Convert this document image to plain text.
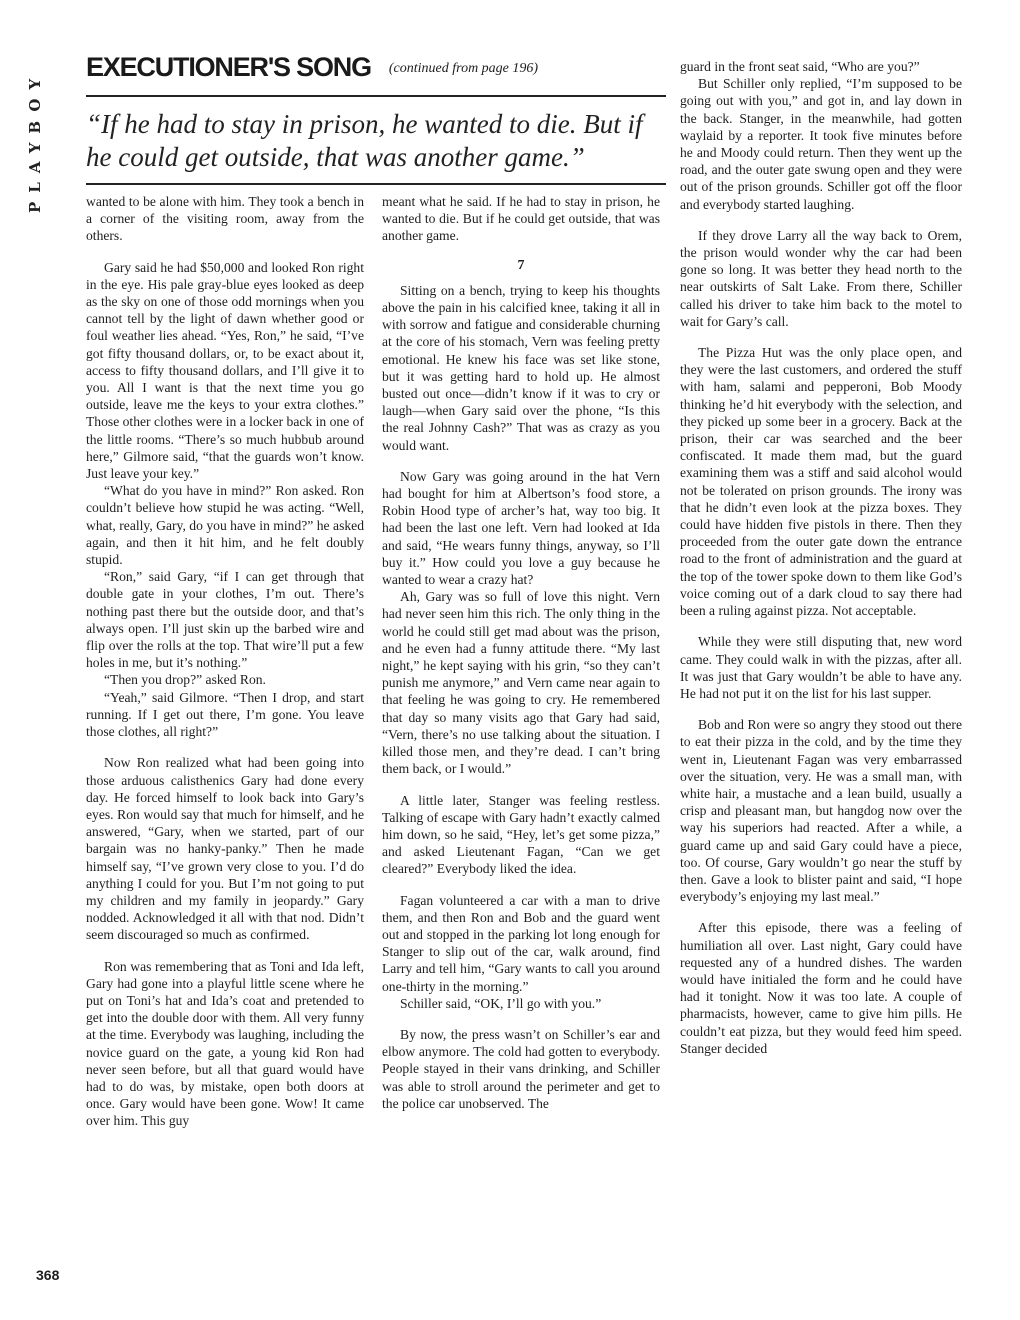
PLAYBOY
EXECUTIONER'S SONG (continued from page 196)
“If he had to stay in prison, he wanted to die. But if he could get outside, that was another game.”

wanted to be alone with him. They took a bench in a corner of the visiting room, away from the others.

Gary said he had $50,000 and looked Ron right in the eye. His pale gray-blue eyes looked as deep as the sky on one of those odd mornings when you cannot tell by the light of dawn whether good or foul weather lies ahead. “Yes, Ron,” he said, “I’ve got fifty thousand dollars, or, to be exact about it, access to fifty thousand dollars, and I’ll give it to you. All I want is that the next time you go outside, leave me the keys to your extra clothes.” Those other clothes were in a locker back in one of the little rooms. “There’s so much hubbub around here,” Gilmore said, “that the guards won’t know. Just leave your key.”

“What do you have in mind?” Ron asked. Ron couldn’t believe how stupid he was acting. “Well, what, really, Gary, do you have in mind?” he asked again, and then it hit him, and he felt doubly stupid.

“Ron,” said Gary, “if I can get through that double gate in your clothes, I’m out. There’s nothing past there but the outside door, and that’s always open. I’ll just skin up the barbed wire and flip over the rolls at the top. That wire’ll put a few holes in me, but it’s nothing.”

“Then you drop?” asked Ron.

“Yeah,” said Gilmore. “Then I drop, and start running. If I get out there, I’m gone. You leave those clothes, all right?”

Now Ron realized what had been going into those arduous calisthenics Gary had done every day. He forced himself to look back into Gary’s eyes. Ron would say that much for himself, and he answered, “Gary, when we started, part of our bargain was no hanky-panky.” Then he made himself say, “I’ve grown very close to you. I’d do anything I could for you. But I’m not going to put my children and my family in jeopardy.” Gary nodded. Acknowledged it all with that nod. Didn’t seem discouraged so much as confirmed.

Ron was remembering that as Toni and Ida left, Gary had gone into a playful little scene where he put on Toni’s hat and Ida’s coat and pretended to get into the double door with them. All very funny at the time. Everybody was laughing, including the novice guard on the gate, a young kid Ron had never seen before, but all that guard would have had to do was, by mistake, open both doors at once. Gary would have been gone. Wow! It came over him. This guy

meant what he said. If he had to stay in prison, he wanted to die. But if he could get outside, that was another game.

7

Sitting on a bench, trying to keep his thoughts above the pain in his calcified knee, taking it all in with sorrow and fatigue and considerable churning at the core of his stomach, Vern was feeling pretty emotional. He knew his face was set like stone, but it was getting hard to hold up. He almost busted out once—didn’t know if it was to cry or laugh—when Gary said over the phone, “Is this the real Johnny Cash?” That was as crazy as you would want.

Now Gary was going around in the hat Vern had bought for him at Albertson’s food store, a Robin Hood type of archer’s hat, way too big. It had been the last one left. Vern had looked at Ida and said, “He wears funny things, anyway, so I’ll buy it.” How could you love a guy because he wanted to wear a crazy hat?

Ah, Gary was so full of love this night. Vern had never seen him this rich. The only thing in the world he could still get mad about was the prison, and he even had a funny attitude there. “My last night,” he kept saying with his grin, “so they can’t punish me anymore,” and Vern came near again to that feeling he was going to cry. He remembered that day so many visits ago that Gary had said, “Vern, there’s no use talking about the situation. I killed those men, and they’re dead. I can’t bring them back, or I would.”

A little later, Stanger was feeling restless. Talking of escape with Gary hadn’t exactly calmed him down, so he said, “Hey, let’s get some pizza,” and asked Lieutenant Fagan, “Can we get cleared?” Everybody liked the idea.

Fagan volunteered a car with a man to drive them, and then Ron and Bob and the guard went out and stopped in the parking lot long enough for Stanger to slip out of the car, walk around, find Larry and tell him, “Gary wants to call you around one-thirty in the morning.”

Schiller said, “OK, I’ll go with you.”

By now, the press wasn’t on Schiller’s ear and elbow anymore. The cold had gotten to everybody. People stayed in their vans drinking, and Schiller was able to stroll around the perimeter and get to the police car unobserved. The

guard in the front seat said, “Who are you?”

But Schiller only replied, “I’m supposed to be going out with you,” and got in, and lay down in the back. Stanger, in the meanwhile, had gotten waylaid by a reporter. It took five minutes before he and Moody could return. Then they went up the road, and the outer gate swung open and they were out of the prison grounds. Schiller got off the floor and everybody started laughing.

If they drove Larry all the way back to Orem, the prison would wonder why the car had been gone so long. It was better they head north to the near outskirts of Salt Lake. From there, Schiller called his driver to take him back to the motel to wait for Gary’s call.

The Pizza Hut was the only place open, and they were the last customers, and ordered the stuff with ham, salami and pepperoni, Bob Moody thinking he’d hit everybody with the selection, and they picked up some beer in a grocery. Back at the prison, their car was searched and the beer confiscated. It made them mad, but the guard examining them was a stiff and said alcohol would not be tolerated on prison grounds. The irony was that he didn’t even look at the pizza boxes. They could have hidden five pistols in there. Then they proceeded from the outer gate down the entrance road to the front of administration and the guard at the top of the tower spoke down to them like God’s voice coming out of a dark cloud to say there had been a ruling against pizza. Not acceptable.

While they were still disputing that, new word came. They could walk in with the pizzas, after all. It was just that Gary wouldn’t be able to have any. He had not put it on the list for his last supper.

Bob and Ron were so angry they stood out there to eat their pizza in the cold, and by the time they went in, Lieutenant Fagan was very embarrassed over the situation, very. He was a small man, with white hair, a mustache and a lean build, usually a crisp and pleasant man, but hangdog now over the way his superiors had reacted. After a while, a guard came up and said Gary could have a piece, too. Of course, Gary wouldn’t go near the stuff by then. Gave a look to blister paint and said, “I hope everybody’s enjoying my last meal.”

After this episode, there was a feeling of humiliation all over. Last night, Gary could have requested any of a hundred dishes. The warden would have initialed the form and he could have had it tonight. Now it was too late. A couple of pharmacists, however, came to give him pills. He couldn’t eat pizza, but they would feed him speed. Stanger decided

368
